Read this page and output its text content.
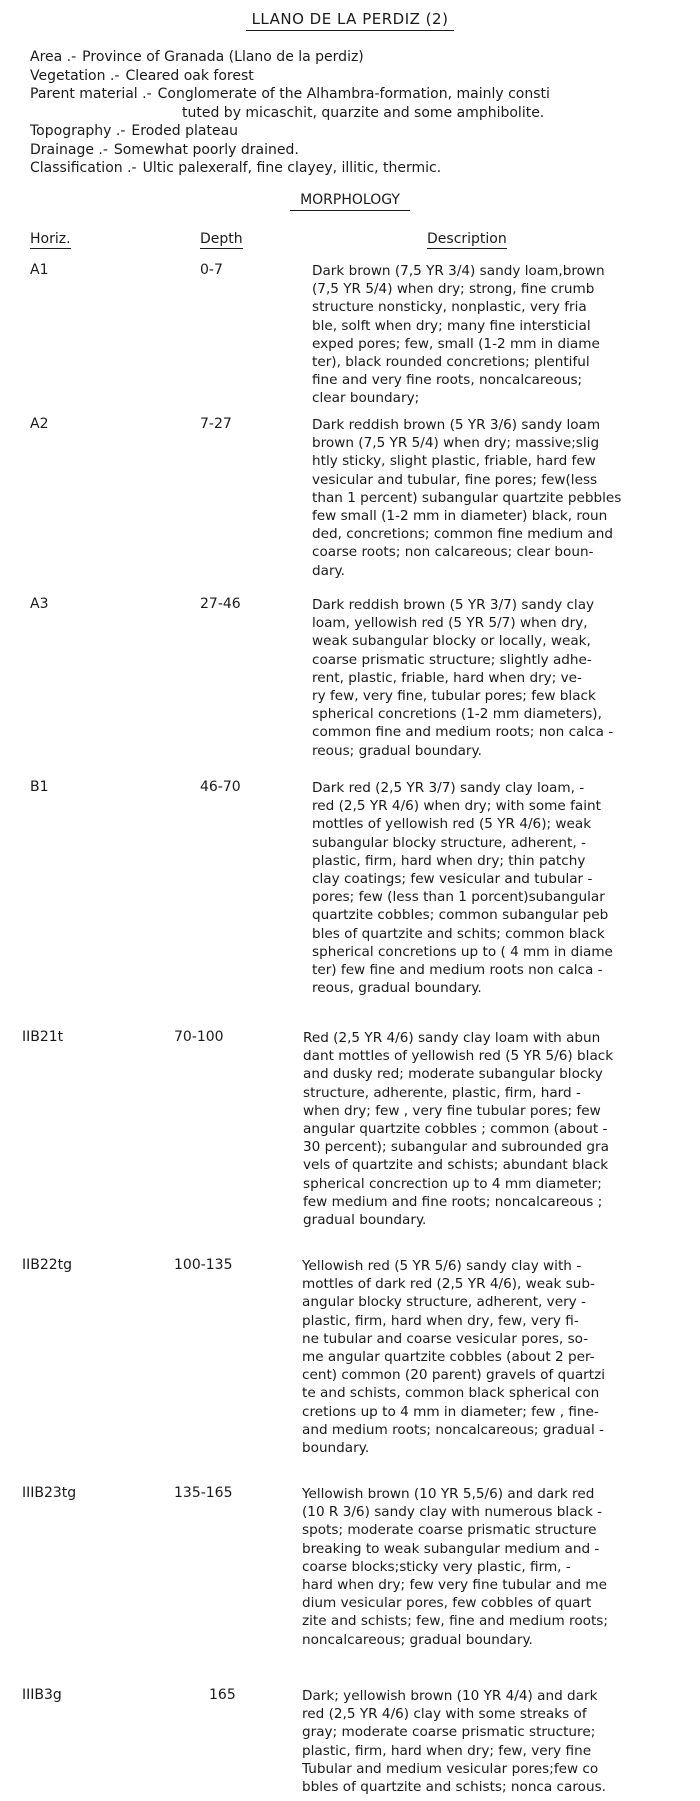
LLANO DE LA PERDIZ (2)
Area .- Province of Granada (Llano de la perdiz)
Vegetation .- Cleared oak forest
Parent material .- Conglomerate of the Alhambra-formation, mainly consti
tuted by micaschit, quarzite and some amphibolite.
Topography .- Eroded plateau
Drainage .- Somewhat poorly drained.
Classification .- Ultic palexeralf, fine clayey, illitic, thermic.
MORPHOLOGY
Horiz.	Depth	Description
A1	0-7	Dark brown (7,5 YR 3/4) sandy loam,brown
(7,5 YR 5/4) when dry; strong, fine crumb
structure nonsticky, nonplastic, very fria
ble, solft when dry; many fine intersticial
exped pores; few, small (1-2 mm in diame
ter), black rounded concretions; plentiful
fine and very fine roots, noncalcareous;
clear boundary;
A2	7-27	Dark reddish brown (5 YR 3/6) sandy loam
brown (7,5 YR 5/4) when dry; massive;slig
htly sticky, slight plastic, friable, hard few
vesicular and tubular, fine pores; few(less
than 1 percent) subangular quartzite pebbles
few small (1-2 mm in diameter) black, roun
ded, concretions; common fine medium and
coarse roots; non calcareous; clear boun-
dary.
A3	27-46	Dark reddish brown (5 YR 3/7) sandy clay
loam, yellowish red (5 YR 5/7) when dry,
weak subangular blocky or locally, weak,
coarse prismatic structure; slightly adhe-
rent, plastic, friable, hard when dry; ve-
ry few, very fine, tubular pores; few black
spherical concretions (1-2 mm diameters),
common fine and medium roots; non calca -
reous; gradual boundary.
B1	46-70	Dark red (2,5 YR 3/7) sandy clay loam, -
red (2,5 YR 4/6) when dry; with some faint
mottles of yellowish red (5 YR 4/6); weak
subangular blocky structure, adherent, -
plastic, firm, hard when dry; thin patchy
clay coatings; few vesicular and tubular -
pores; few (less than 1 porcent)subangular
quartzite cobbles; common subangular peb
bles of quartzite and schits; common black
spherical concretions up to ( 4 mm in diame
ter) few fine and medium roots non calca -
reous, gradual boundary.
IIB21t	70-100	Red (2,5 YR 4/6) sandy clay loam with abun
dant mottles of yellowish red (5 YR 5/6) black
and dusky red; moderate subangular blocky
structure, adherente, plastic, firm, hard -
when dry; few , very fine tubular pores; few
angular quartzite cobbles ; common (about -
30 percent); subangular and subrounded gra
vels of quartzite and schists; abundant black
spherical concrection up to 4 mm diameter;
few medium and fine roots; noncalcareous ;
gradual boundary.
IIB22tg	100-135	Yellowish red (5 YR 5/6) sandy clay with -
mottles of dark red (2,5 YR 4/6), weak sub-
angular blocky structure, adherent, very -
plastic, firm, hard when dry, few, very fi-
ne tubular and coarse vesicular pores, so-
me angular quartzite cobbles (about 2 per-
cent) common (20 parent) gravels of quartzi
te and schists, common black spherical con
cretions up to 4 mm in diameter; few , fine-
and medium roots; noncalcareous; gradual -
boundary.
IIIB23tg	135-165	Yellowish brown (10 YR 5,5/6) and dark red
(10 R 3/6) sandy clay with numerous black -
spots; moderate coarse prismatic structure
breaking to weak subangular medium and -
coarse blocks;sticky very plastic, firm, -
hard when dry; few very fine tubular and me
dium vesicular pores, few cobbles of quart
zite and schists; few, fine and medium roots;
noncalcareous; gradual boundary.
IIIB3g	165	Dark; yellowish brown (10 YR 4/4) and dark
red (2,5 YR 4/6) clay with some streaks of
gray; moderate coarse prismatic structure;
plastic, firm, hard when dry; few, very fine
Tubular and medium vesicular pores;few co
bbles of quartzite and schists; nonca carous.
